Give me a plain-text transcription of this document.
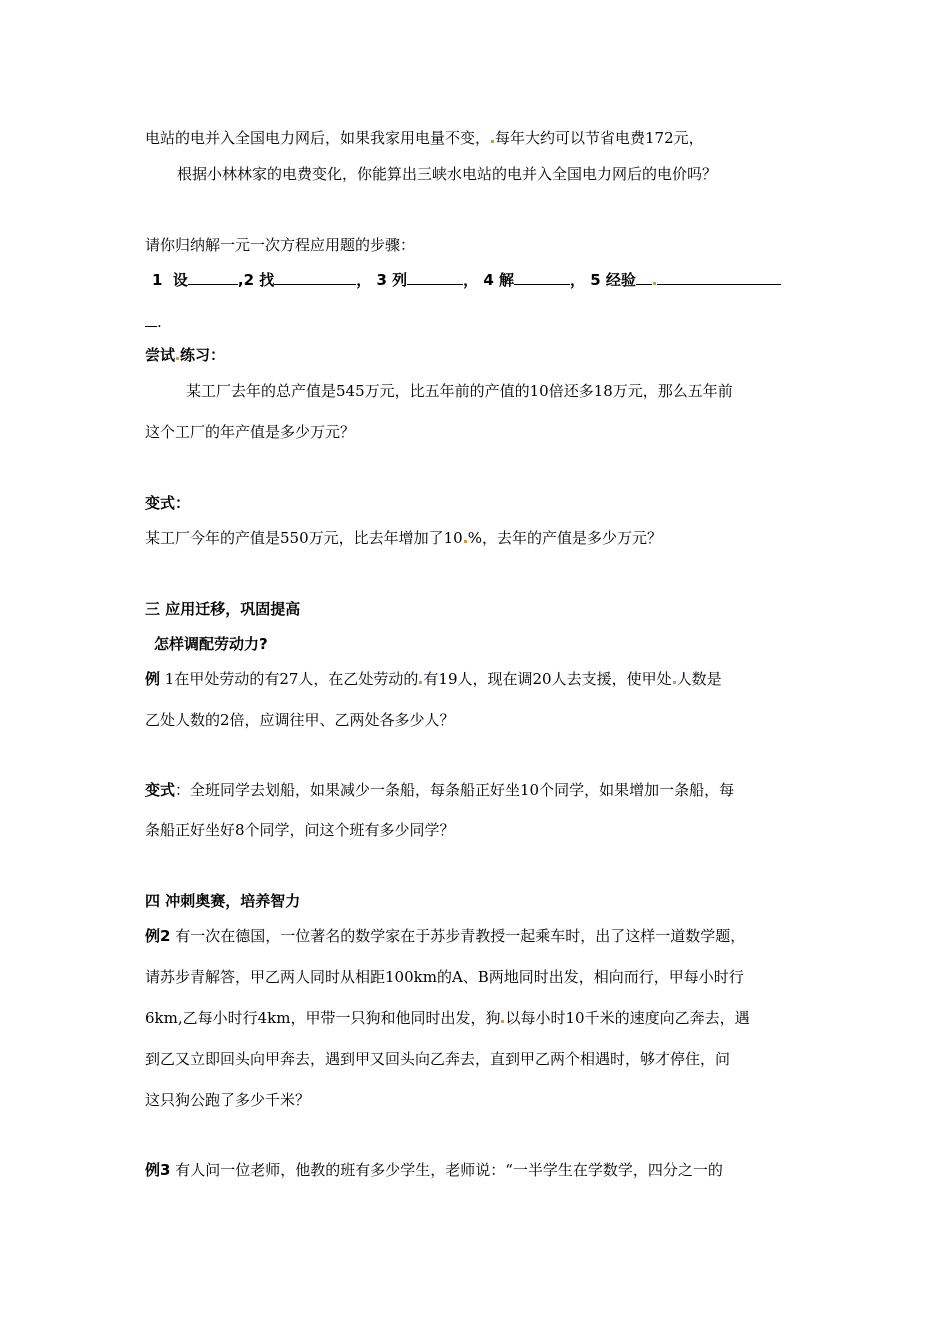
电站的电并入全国电力网后，如果我家用电量不变， 每年大约可以节省电费172元，
根据小林林家的电费变化，你能算出三峡水电站的电并入全国电力网后的电价吗？
请你归纳解一元一次方程应用题的步骤：
1  设	,2 找	， 3 列	， 4 解	， 5 经验
.
尝试 练习：
某工厂去年的总产值是545万元，比五年前的产值的10倍还多18万元，那么五年前
这个工厂的年产值是多少万元？
变式：
某工厂今年的产值是550万元，比去年增加了10 %，去年的产值是多少万元？
三 应用迁移，巩固提高
怎样调配劳动力?
例 1在甲处劳动的有27人，在乙处劳动的 有19人，现在调20人去支援，使甲处 人数是
乙处人数的2倍，应调往甲、乙两处各多少人？
变式：全班同学去划船，如果减少一条船，每条船正好坐10个同学，如果增加一条船，每
条船正好坐好8个同学，问这个班有多少同学？
四 冲刺奥赛，培养智力
例2 有一次在德国，一位著名的数学家在于苏步青教授一起乘车时，出了这样一道数学题，
请苏步青解答，甲乙两人同时从相距100km的A、B两地同时出发，相向而行，甲每小时行
6km,乙每小时行4km，甲带一只狗和他同时出发，狗 以每小时10千米的速度向乙奔去，遇
到乙又立即回头向甲奔去，遇到甲又回头向乙奔去，直到甲乙两个相遇时，够才停住，问
这只狗公跑了多少千米？
例3 有人问一位老师，他教的班有多少学生，老师说：“一半学生在学数学，四分之一的
